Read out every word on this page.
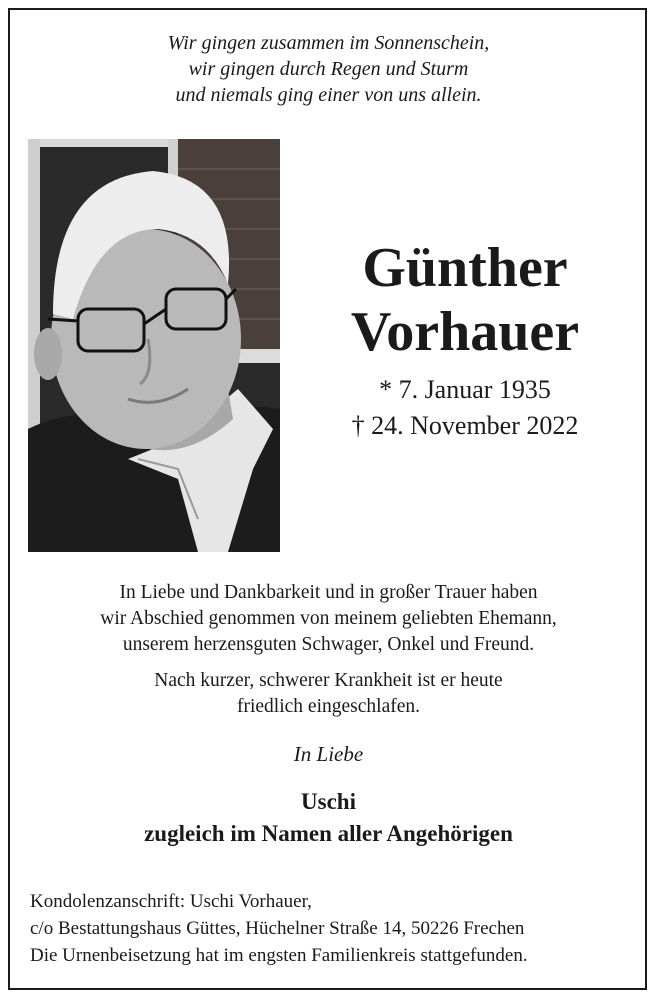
Wir gingen zusammen im Sonnenschein,
wir gingen durch Regen und Sturm
und niemals ging einer von uns allein.
Günther
Vorhauer
* 7. Januar 1935
† 24. November 2022
In Liebe und Dankbarkeit und in großer Trauer haben
wir Abschied genommen von meinem geliebten Ehemann,
unserem herzensguten Schwager, Onkel und Freund.
Nach kurzer, schwerer Krankheit ist er heute
friedlich eingeschlafen.
In Liebe
Uschi
zugleich im Namen aller Angehörigen
Kondolenzanschrift: Uschi Vorhauer,
c/o Bestattungshaus Güttes, Hüchelner Straße 14, 50226 Frechen
Die Urnenbeisetzung hat im engsten Familienkreis stattgefunden.
